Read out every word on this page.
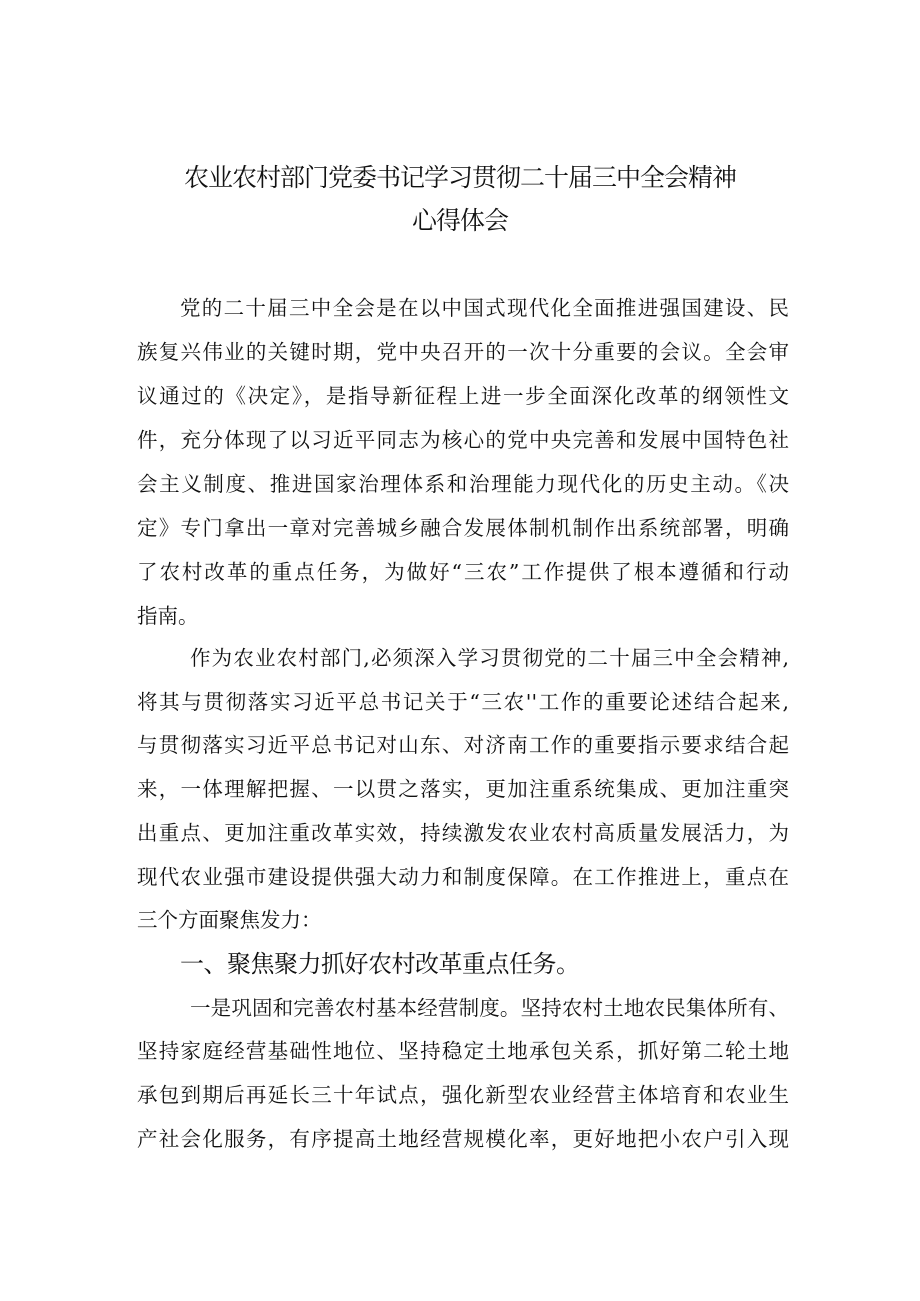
农业农村部门党委书记学习贯彻二十届三中全会精神
心得体会
党的二十届三中全会是在以中国式现代化全面推进强国建设、民
族复兴伟业的关键时期，党中央召开的一次十分重要的会议。全会审
议通过的《决定》，是指导新征程上进一步全面深化改革的纲领性文
件，充分体现了以习近平同志为核心的党中央完善和发展中国特色社
会主义制度、推进国家治理体系和治理能力现代化的历史主动。《决
定》专门拿出一章对完善城乡融合发展体制机制作出系统部署，明确
了农村改革的重点任务，为做好“三农”工作提供了根本遵循和行动
指南。
作为农业农村部门,必须深入学习贯彻党的二十届三中全会精神,
将其与贯彻落实习近平总书记关于“三农''工作的重要论述结合起来,
与贯彻落实习近平总书记对山东、对济南工作的重要指示要求结合起
来，一体理解把握、一以贯之落实，更加注重系统集成、更加注重突
出重点、更加注重改革实效，持续激发农业农村高质量发展活力，为
现代农业强市建设提供强大动力和制度保障。在工作推进上，重点在
三个方面聚焦发力：
一、聚焦聚力抓好农村改革重点任务。
一是巩固和完善农村基本经营制度。坚持农村土地农民集体所有、
坚持家庭经营基础性地位、坚持稳定土地承包关系，抓好第二轮土地
承包到期后再延长三十年试点，强化新型农业经营主体培育和农业生
产社会化服务，有序提高土地经营规模化率，更好地把小农户引入现
